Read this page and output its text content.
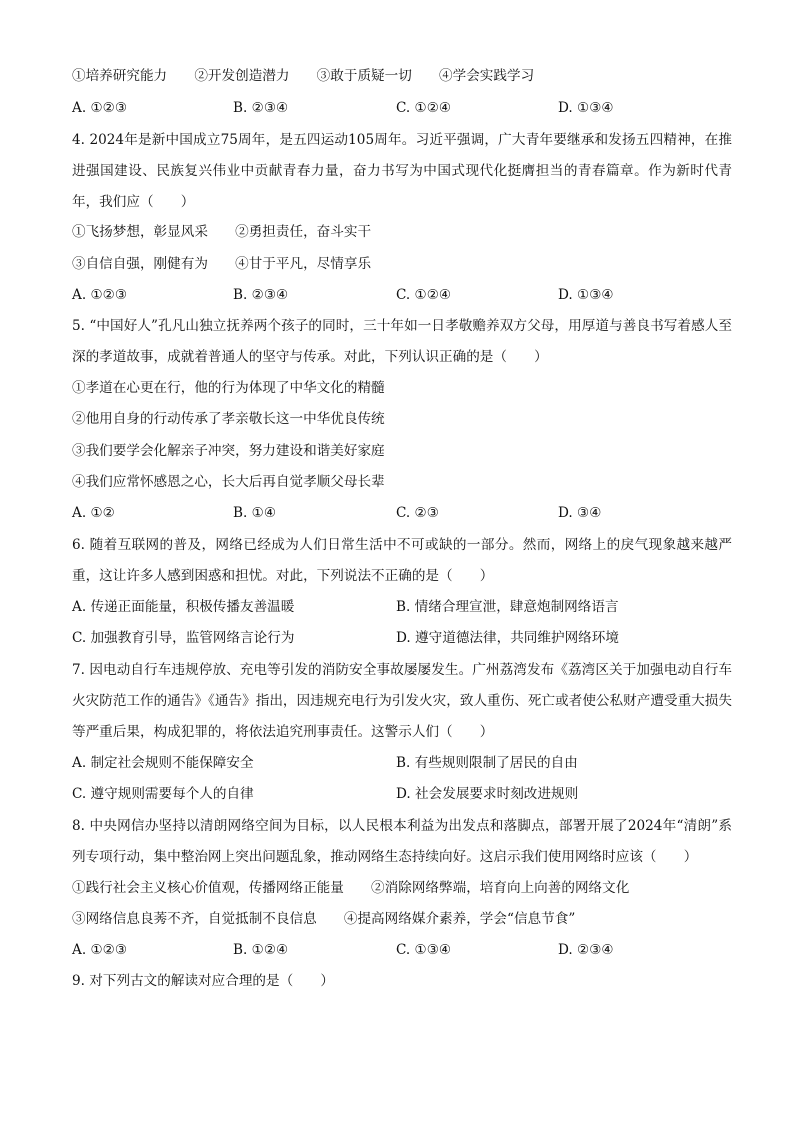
①培养研究能力　　②开发创造潜力　　③敢于质疑一切　　④学会实践学习
A. ①②③	B. ②③④	C. ①②④	D. ①③④
4. 2024年是新中国成立75周年，是五四运动105周年。习近平强调，广大青年要继承和发扬五四精神，在推进强国建设、民族复兴伟业中贡献青春力量，奋力书写为中国式现代化挺膺担当的青春篇章。作为新时代青年，我们应（　　）
①飞扬梦想，彰显风采　　②勇担责任，奋斗实干
③自信自强，刚健有为　　④甘于平凡，尽情享乐
A. ①②③	B. ②③④	C. ①②④	D. ①③④
5. “中国好人”孔凡山独立抚养两个孩子的同时，三十年如一日孝敬赡养双方父母，用厚道与善良书写着感人至深的孝道故事，成就着普通人的坚守与传承。对此，下列认识正确的是（　　）
①孝道在心更在行，他的行为体现了中华文化的精髓
②他用自身的行动传承了孝亲敬长这一中华优良传统
③我们要学会化解亲子冲突，努力建设和谐美好家庭
④我们应常怀感恩之心，长大后再自觉孝顺父母长辈
A. ①②	B. ①④	C. ②③	D. ③④
6. 随着互联网的普及，网络已经成为人们日常生活中不可或缺的一部分。然而，网络上的戾气现象越来越严重，这让许多人感到困惑和担忧。对此，下列说法不正确的是（　　）
A. 传递正面能量，积极传播友善温暖	B. 情绪合理宣泄，肆意炮制网络语言
C. 加强教育引导，监管网络言论行为	D. 遵守道德法律，共同维护网络环境
7. 因电动自行车违规停放、充电等引发的消防安全事故屡屡发生。广州荔湾发布《荔湾区关于加强电动自行车火灾防范工作的通告》《通告》指出，因违规充电行为引发火灾，致人重伤、死亡或者使公私财产遭受重大损失等严重后果，构成犯罪的，将依法追究刑事责任。这警示人们（　　）
A. 制定社会规则不能保障安全	B. 有些规则限制了居民的自由
C. 遵守规则需要每个人的自律	D. 社会发展要求时刻改进规则
8. 中央网信办坚持以清朗网络空间为目标，以人民根本利益为出发点和落脚点，部署开展了2024年“清朗”系列专项行动，集中整治网上突出问题乱象，推动网络生态持续向好。这启示我们使用网络时应该（　　）
①践行社会主义核心价值观，传播网络正能量　　②消除网络弊端，培育向上向善的网络文化
③网络信息良莠不齐，自觉抵制不良信息　　④提高网络媒介素养，学会“信息节食”
A. ①②③	B. ①②④	C. ①③④	D. ②③④
9. 对下列古文的解读对应合理的是（　　）
